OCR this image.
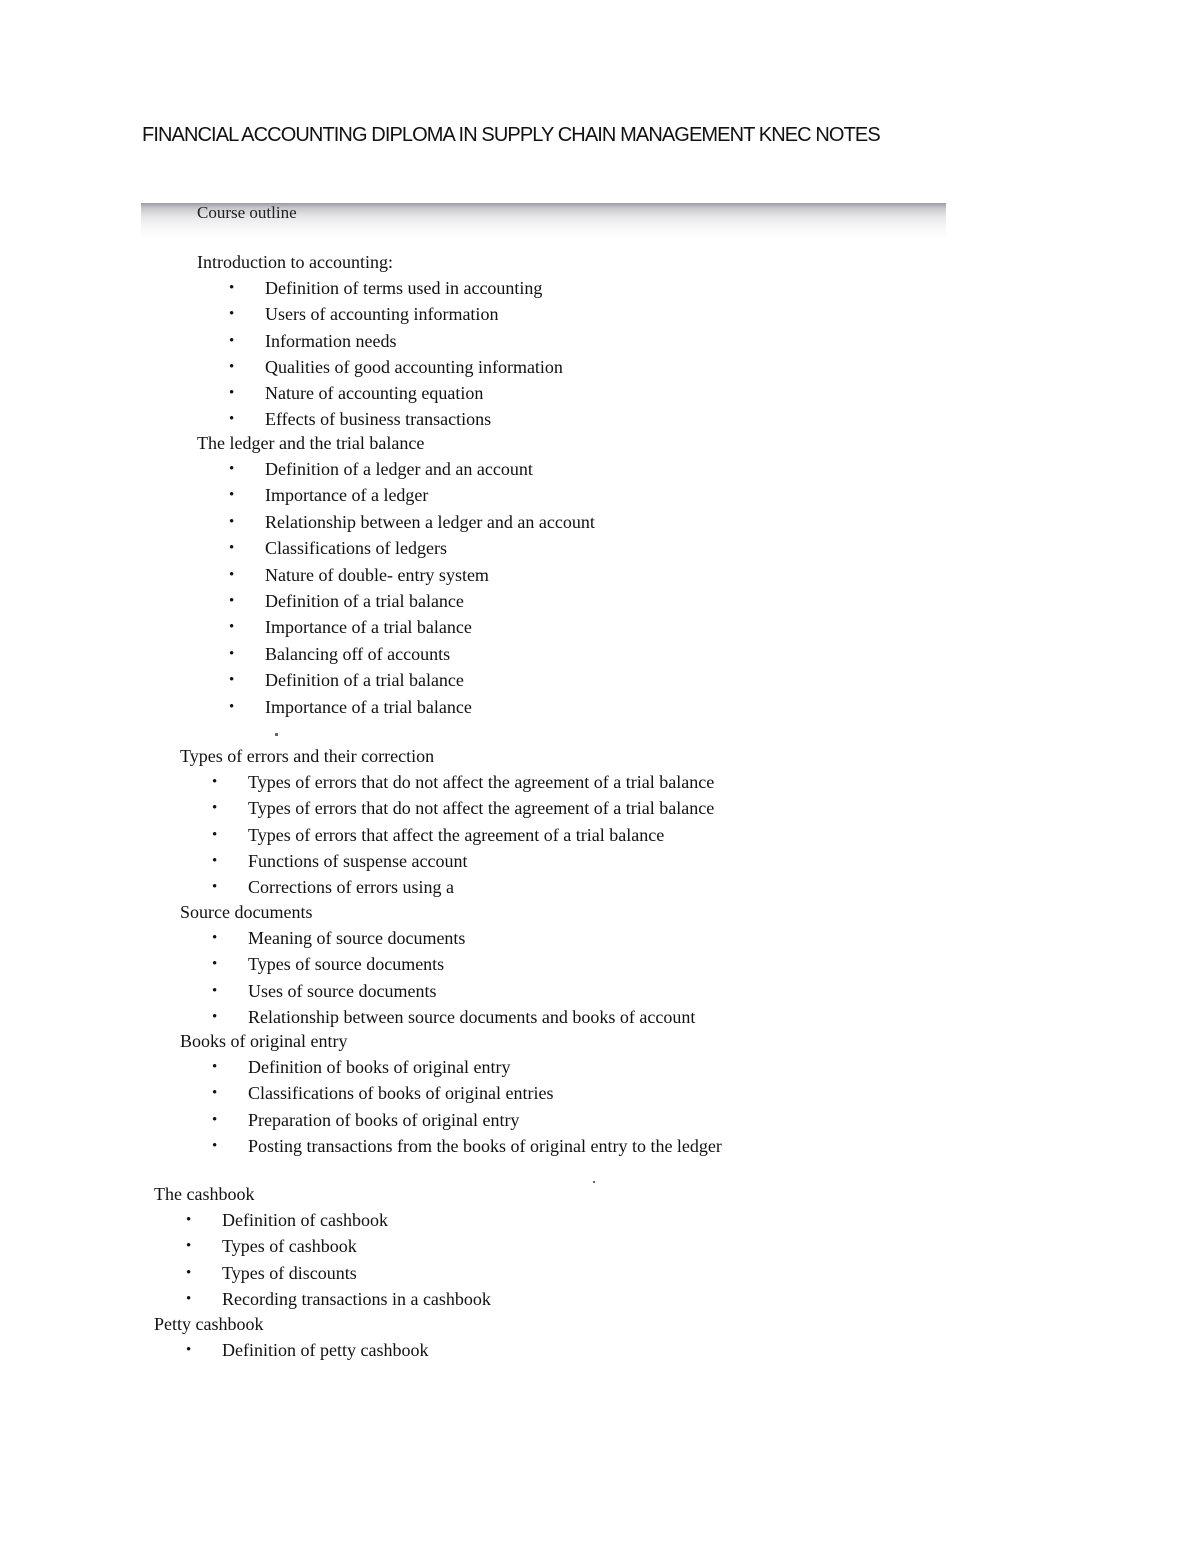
FINANCIAL ACCOUNTING DIPLOMA IN SUPPLY CHAIN MANAGEMENT KNEC NOTES
Course outline
Introduction to accounting:
• Definition of terms used in accounting
• Users of accounting information
• Information needs
• Qualities of good accounting information
• Nature of accounting equation
• Effects of business transactions
The ledger and the trial balance
• Definition of a ledger and an account
• Importance of a ledger
• Relationship between a ledger and an account
• Classifications of ledgers
• Nature of double- entry system
• Definition of a trial balance
• Importance of a trial balance
• Balancing off of accounts
• Definition of a trial balance
• Importance of a trial balance
Types of errors and their correction
• Types of errors that do not affect the agreement of a trial balance
• Types of errors that do not affect the agreement of a trial balance
• Types of errors that affect the agreement of a trial balance
• Functions of suspense account
• Corrections of errors using a
Source documents
• Meaning of source documents
• Types of source documents
• Uses of source documents
• Relationship between source documents and books of account
Books of original entry
• Definition of books of original entry
• Classifications of books of original entries
• Preparation of books of original entry
• Posting transactions from the books of original entry to the ledger
The cashbook
• Definition of cashbook
• Types of cashbook
• Types of discounts
• Recording transactions in a cashbook
Petty cashbook
• Definition of petty cashbook
